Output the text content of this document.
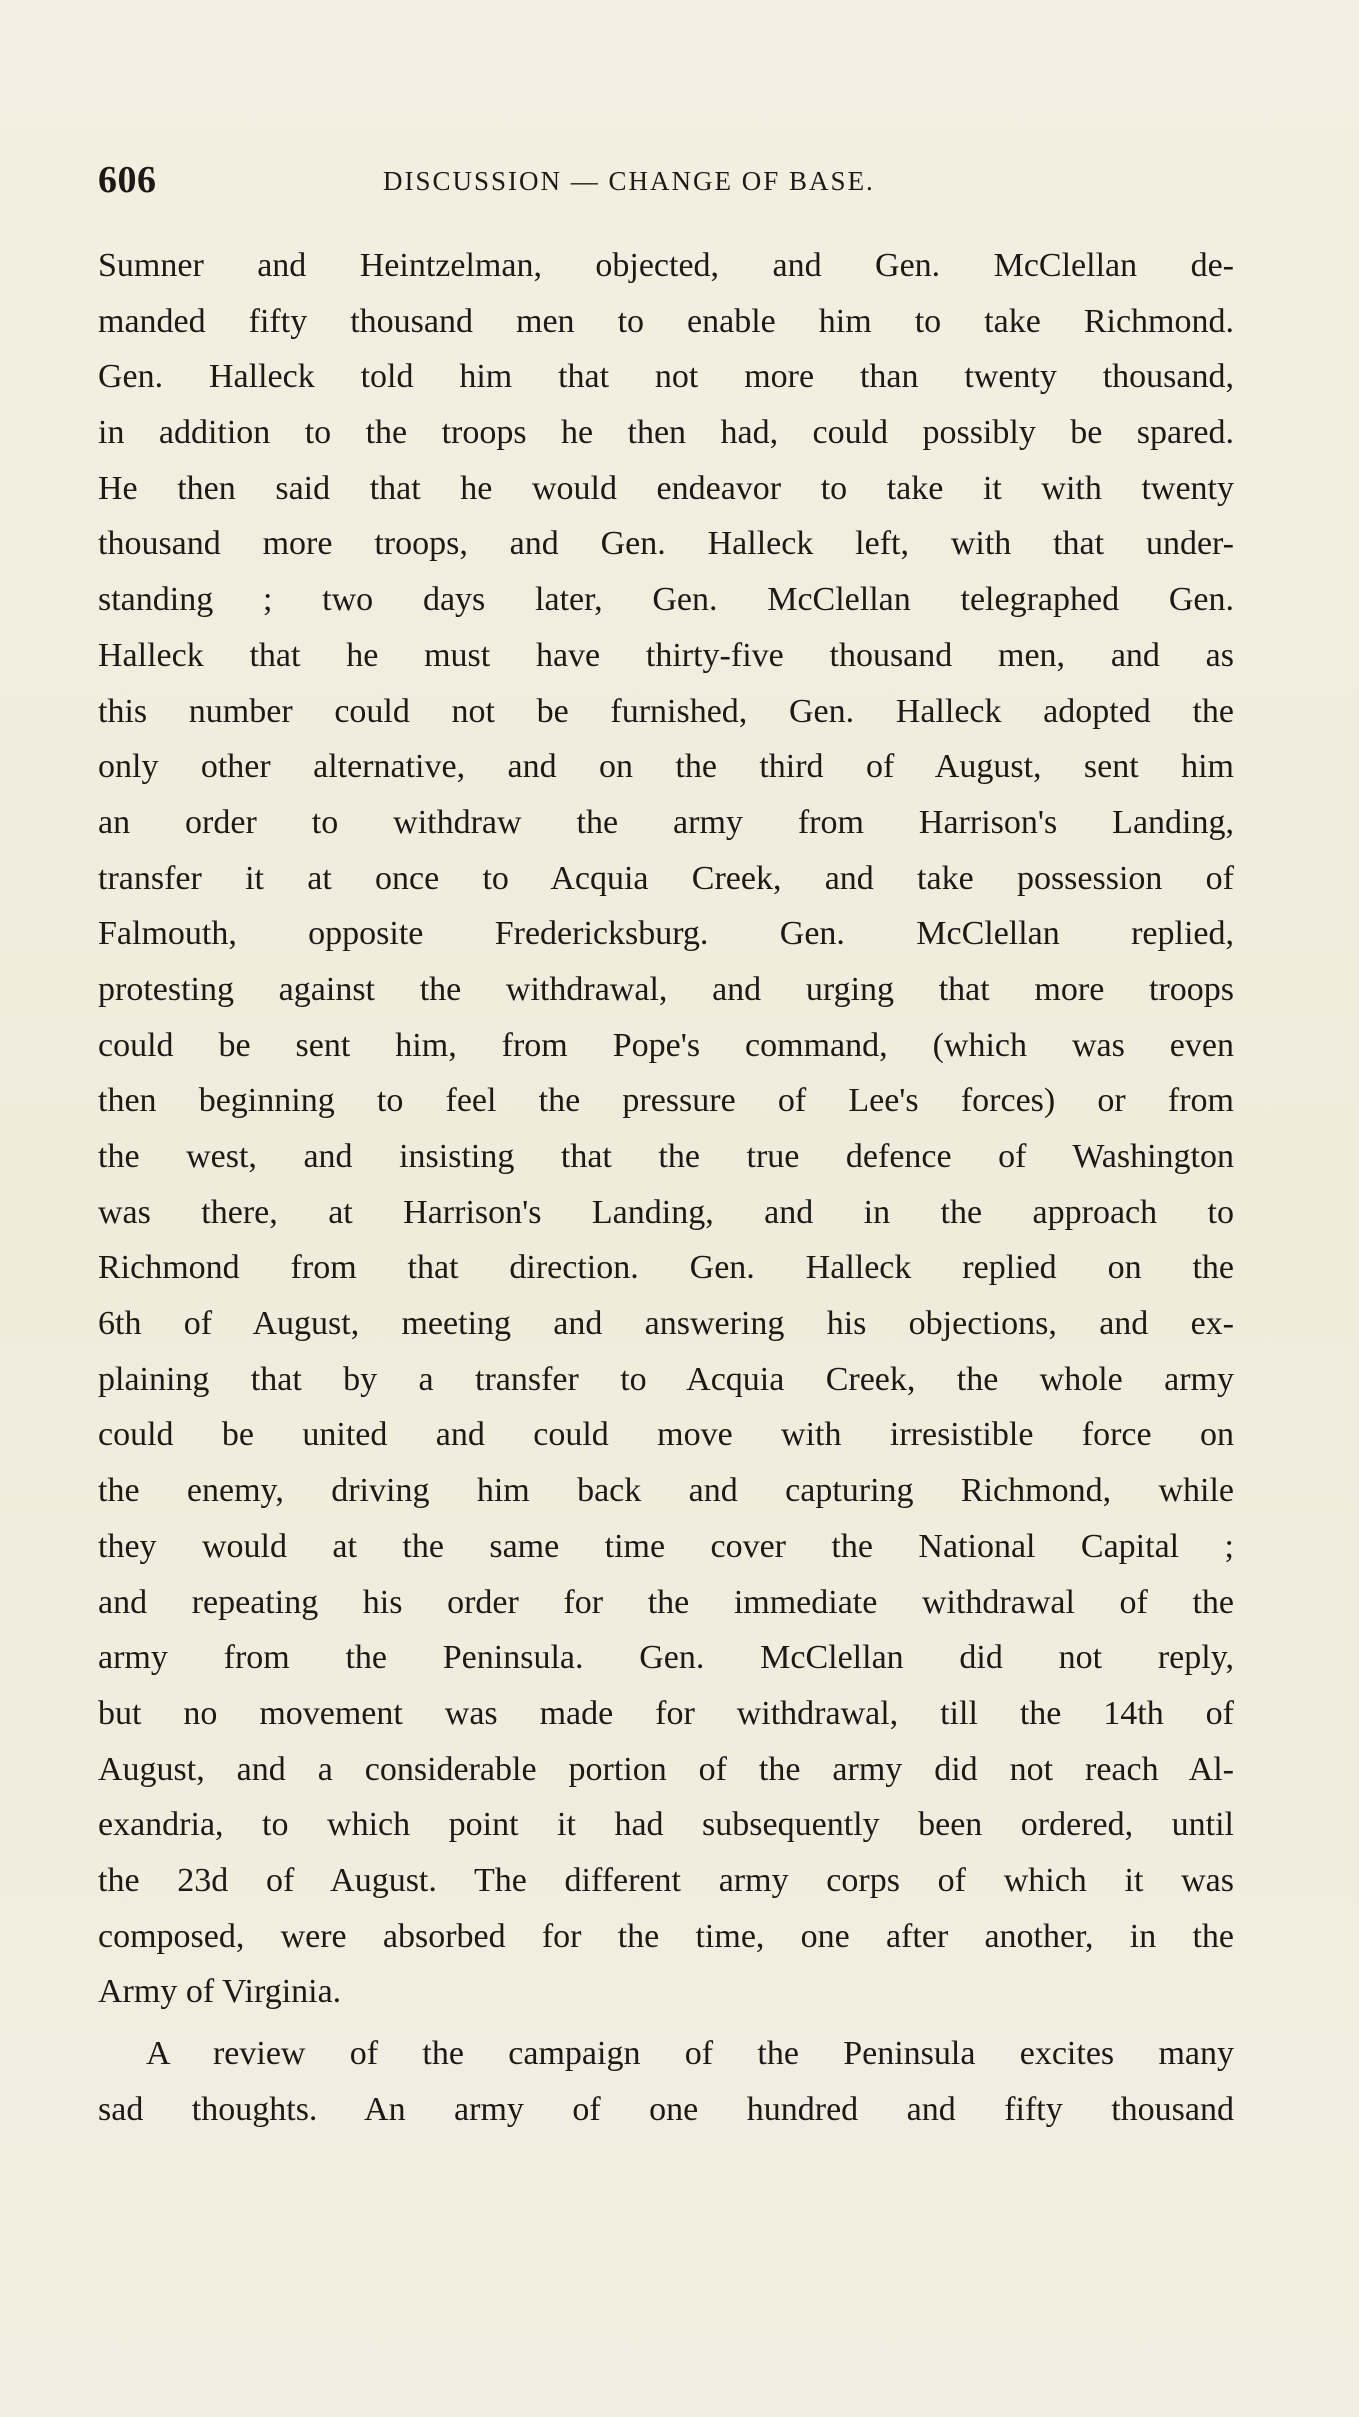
606	DISCUSSION — CHANGE OF BASE.
Sumner and Heintzelman, objected, and Gen. McClellan de-
manded fifty thousand men to enable him to take Richmond.
Gen. Halleck told him that not more than twenty thousand,
in addition to the troops he then had, could possibly be spared.
He then said that he would endeavor to take it with twenty
thousand more troops, and Gen. Halleck left, with that under-
standing ; two days later, Gen. McClellan telegraphed Gen.
Halleck that he must have thirty-five thousand men, and as
this number could not be furnished, Gen. Halleck adopted the
only other alternative, and on the third of August, sent him
an order to withdraw the army from Harrison's Landing,
transfer it at once to Acquia Creek, and take possession of
Falmouth, opposite Fredericksburg. Gen. McClellan replied,
protesting against the withdrawal, and urging that more troops
could be sent him, from Pope's command, (which was even
then beginning to feel the pressure of Lee's forces) or from
the west, and insisting that the true defence of Washington
was there, at Harrison's Landing, and in the approach to
Richmond from that direction. Gen. Halleck replied on the
6th of August, meeting and answering his objections, and ex-
plaining that by a transfer to Acquia Creek, the whole army
could be united and could move with irresistible force on
the enemy, driving him back and capturing Richmond, while
they would at the same time cover the National Capital ;
and repeating his order for the immediate withdrawal of the
army from the Peninsula. Gen. McClellan did not reply,
but no movement was made for withdrawal, till the 14th of
August, and a considerable portion of the army did not reach Al-
exandria, to which point it had subsequently been ordered, until
the 23d of August. The different army corps of which it was
composed, were absorbed for the time, one after another, in the
Army of Virginia.
A review of the campaign of the Peninsula excites many
sad thoughts. An army of one hundred and fifty thousand
